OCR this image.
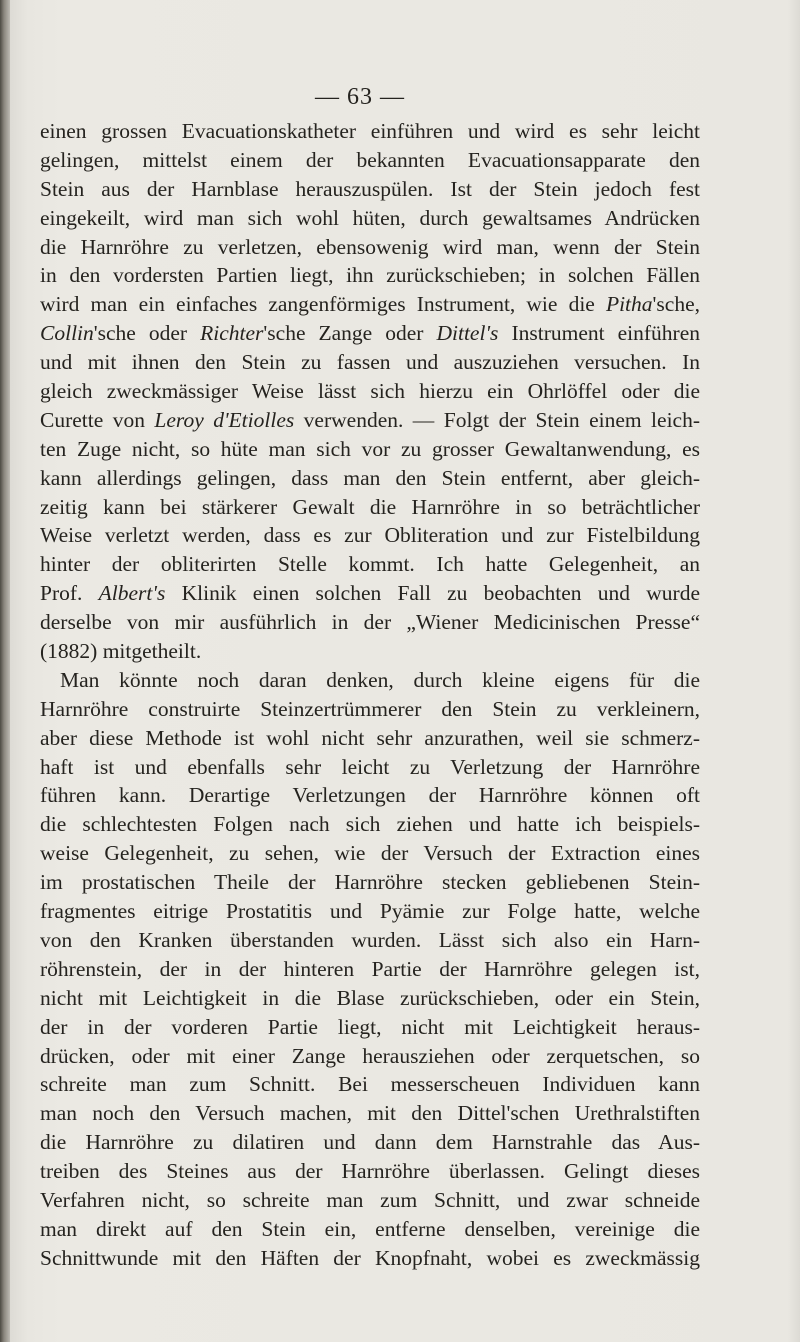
— 63 —
einen grossen Evacuationskatheter einführen und wird es sehr leicht
gelingen, mittelst einem der bekannten Evacuationsapparate den
Stein aus der Harnblase herauszuspülen. Ist der Stein jedoch fest
eingekeilt, wird man sich wohl hüten, durch gewaltsames Andrücken
die Harnröhre zu verletzen, ebensowenig wird man, wenn der Stein
in den vordersten Partien liegt, ihn zurückschieben; in solchen Fällen
wird man ein einfaches zangenförmiges Instrument, wie die Pitha'sche,
Collin'sche oder Richter'sche Zange oder Dittel's Instrument einführen
und mit ihnen den Stein zu fassen und auszuziehen versuchen. In
gleich zweckmässiger Weise lässt sich hierzu ein Ohrlöffel oder die
Curette von Leroy d'Etiolles verwenden. — Folgt der Stein einem leich-
ten Zuge nicht, so hüte man sich vor zu grosser Gewaltanwendung, es
kann allerdings gelingen, dass man den Stein entfernt, aber gleich-
zeitig kann bei stärkerer Gewalt die Harnröhre in so beträchtlicher
Weise verletzt werden, dass es zur Obliteration und zur Fistelbildung
hinter der obliterirten Stelle kommt. Ich hatte Gelegenheit, an
Prof. Albert's Klinik einen solchen Fall zu beobachten und wurde
derselbe von mir ausführlich in der „Wiener Medicinischen Presse“
(1882) mitgetheilt.
Man könnte noch daran denken, durch kleine eigens für die
Harnröhre construirte Steinzertrümmerer den Stein zu verkleinern,
aber diese Methode ist wohl nicht sehr anzurathen, weil sie schmerz-
haft ist und ebenfalls sehr leicht zu Verletzung der Harnröhre
führen kann. Derartige Verletzungen der Harnröhre können oft
die schlechtesten Folgen nach sich ziehen und hatte ich beispiels-
weise Gelegenheit, zu sehen, wie der Versuch der Extraction eines
im prostatischen Theile der Harnröhre stecken gebliebenen Stein-
fragmentes eitrige Prostatitis und Pyämie zur Folge hatte, welche
von den Kranken überstanden wurden. Lässt sich also ein Harn-
röhrenstein, der in der hinteren Partie der Harnröhre gelegen ist,
nicht mit Leichtigkeit in die Blase zurückschieben, oder ein Stein,
der in der vorderen Partie liegt, nicht mit Leichtigkeit heraus-
drücken, oder mit einer Zange herausziehen oder zerquetschen, so
schreite man zum Schnitt. Bei messerscheuen Individuen kann
man noch den Versuch machen, mit den Dittel'schen Urethralstiften
die Harnröhre zu dilatiren und dann dem Harnstrahle das Aus-
treiben des Steines aus der Harnröhre überlassen. Gelingt dieses
Verfahren nicht, so schreite man zum Schnitt, und zwar schneide
man direkt auf den Stein ein, entferne denselben, vereinige die
Schnittwunde mit den Häften der Knopfnaht, wobei es zweckmässig
